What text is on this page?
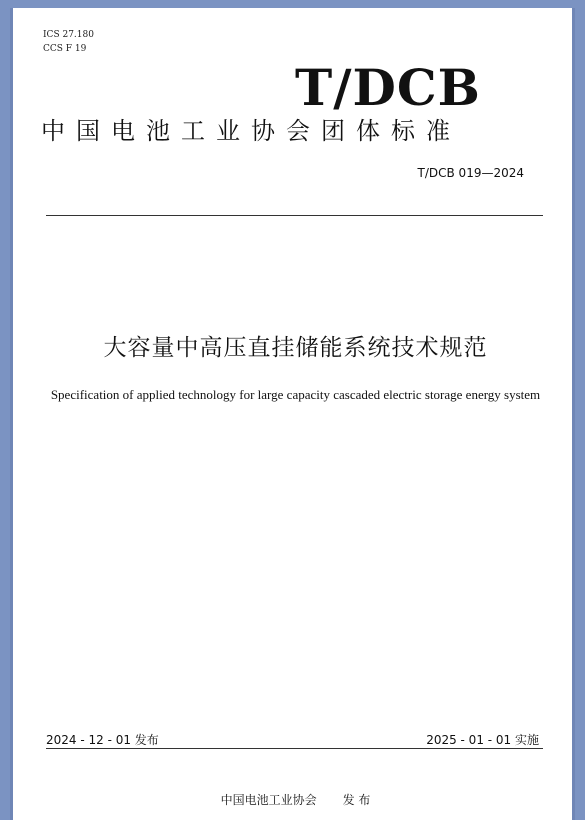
ICS 27.180
CCS F 19
T/DCB
中国电池工业协会团体标准
T/DCB 019—2024
大容量中高压直挂储能系统技术规范
Specification of applied technology for large capacity cascaded electric storage energy system
2024 - 12 - 01 发布	2025 - 01 - 01 实施
中国电池工业协会 发 布
